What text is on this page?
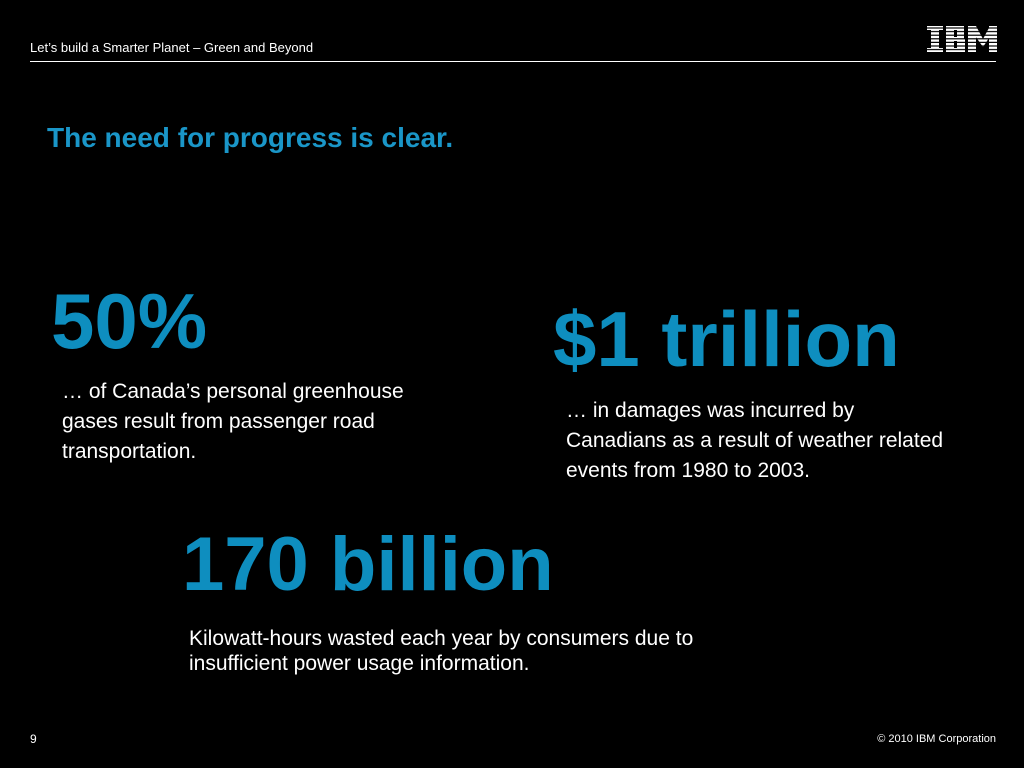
Let’s build a Smarter Planet – Green and Beyond
The need for progress is clear.
50%
… of Canada’s personal greenhouse gases result from passenger road transportation.
$1 trillion
… in damages was incurred by Canadians as a result of weather related events from 1980 to 2003.
170 billion
Kilowatt-hours wasted each year by consumers due to insufficient power usage information.
9	© 2010 IBM Corporation
